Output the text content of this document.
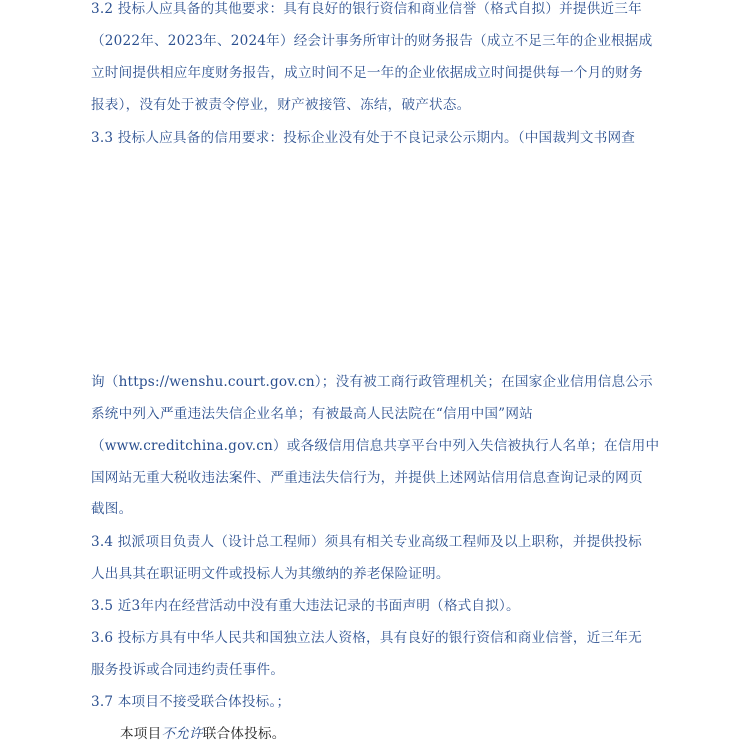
3.2 投标人应具备的其他要求：具有良好的银行资信和商业信誉（格式自拟）并提供近三年
（2022年、2023年、2024年）经会计事务所审计的财务报告（成立不足三年的企业根据成
立时间提供相应年度财务报告，成立时间不足一年的企业依据成立时间提供每一个月的财务
报表），没有处于被责令停业，财产被接管、冻结，破产状态。
3.3 投标人应具备的信用要求：投标企业没有处于不良记录公示期内。（中国裁判文书网查
询（https://wenshu.court.gov.cn）；没有被工商行政管理机关；在国家企业信用信息公示
系统中列入严重违法失信企业名单；有被最高人民法院在“信用中国”网站
（www.creditchina.gov.cn）或各级信用信息共享平台中列入失信被执行人名单；在信用中
国网站无重大税收违法案件、严重违法失信行为，并提供上述网站信用信息查询记录的网页
截图。
3.4 拟派项目负责人（设计总工程师）须具有相关专业高级工程师及以上职称，并提供投标
人出具其在职证明文件或投标人为其缴纳的养老保险证明。
3.5 近3年内在经营活动中没有重大违法记录的书面声明（格式自拟）。
3.6 投标方具有中华人民共和国独立法人资格，具有良好的银行资信和商业信誉，近三年无
服务投诉或合同违约责任事件。
3.7 本项目不接受联合体投标。；
本项目不允许联合体投标。
